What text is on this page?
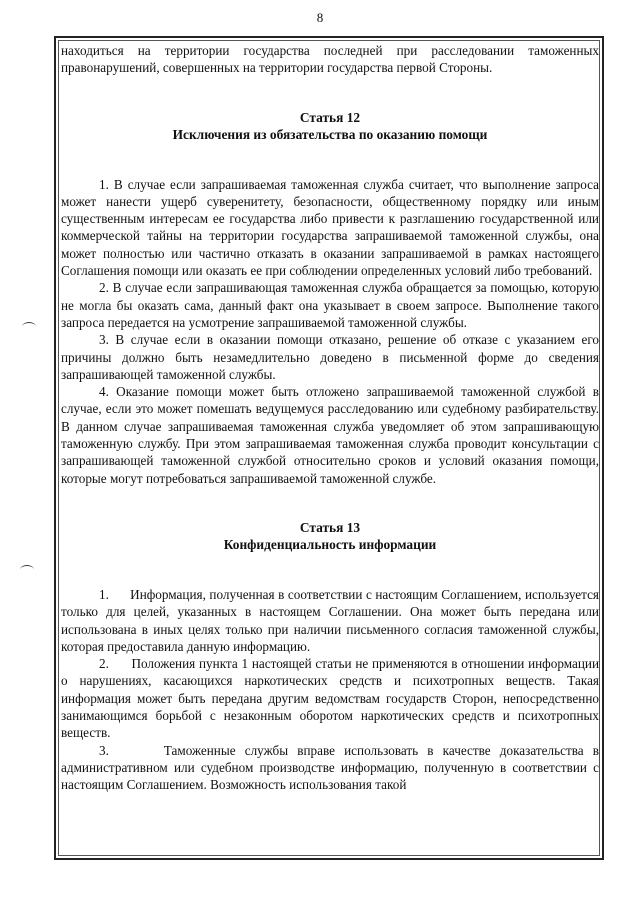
8

находиться на территории государства последней при расследовании таможенных правонарушений, совершенных на территории государства первой Стороны.

Статья 12

Исключения из обязательства по оказанию помощи

1. В случае если запрашиваемая таможенная служба считает, что выполнение запроса может нанести ущерб суверенитету, безопасности, общественному порядку или иным существенным интересам ее государства либо привести к разглашению государственной или коммерческой тайны на территории государства запрашиваемой таможенной службы, она может полностью или частично отказать в оказании запрашиваемой в рамках настоящего Соглашения помощи или оказать ее при соблюдении определенных условий либо требований.

2. В случае если запрашивающая таможенная служба обращается за помощью, которую не могла бы оказать сама, данный факт она указывает в своем запросе. Выполнение такого запроса передается на усмотрение запрашиваемой таможенной службы.

3. В случае если в оказании помощи отказано, решение об отказе с указанием его причины должно быть незамедлительно доведено в письменной форме до сведения запрашивающей таможенной службы.

4. Оказание помощи может быть отложено запрашиваемой таможенной службой в случае, если это может помешать ведущемуся расследованию или судебному разбирательству. В данном случае запрашиваемая таможенная служба уведомляет об этом запрашивающую таможенную службу. При этом запрашиваемая таможенная служба проводит консультации с запрашивающей таможенной службой относительно сроков и условий оказания помощи, которые могут потребоваться запрашиваемой таможенной службе.

Статья 13

Конфиденциальность информации

1.      Информация, полученная в соответствии с настоящим Соглашением, используется только для целей, указанных в настоящем Соглашении. Она может быть передана или использована в иных целях только при наличии письменного согласия таможенной службы, которая предоставила данную информацию.

2.      Положения пункта 1 настоящей статьи не применяются в отношении информации о нарушениях, касающихся наркотических средств и психотропных веществ. Такая информация может быть передана другим ведомствам государств Сторон, непосредственно занимающимся борьбой с незаконным оборотом наркотических средств и психотропных веществ.

3.      Таможенные службы вправе использовать в качестве доказательства в административном или судебном производстве информацию, полученную в соответствии с настоящим Соглашением. Возможность использования такой
